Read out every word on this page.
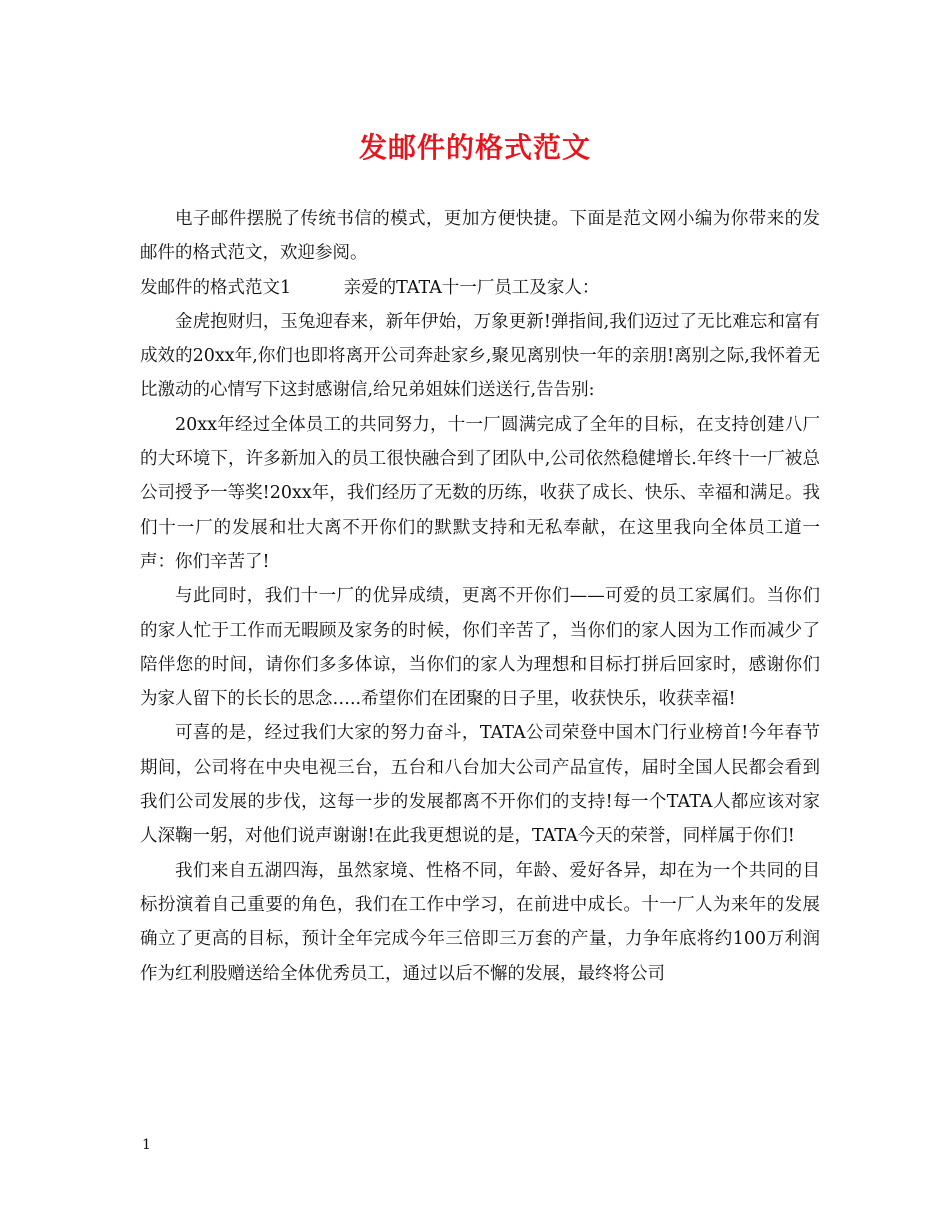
发邮件的格式范文

电子邮件摆脱了传统书信的模式，更加方便快捷。下面是范文网小编为你带来的发邮件的格式范文，欢迎参阅。

发邮件的格式范文1　　　亲爱的TATA十一厂员工及家人：

金虎抱财归，玉兔迎春来，新年伊始，万象更新!弹指间,我们迈过了无比难忘和富有成效的20xx年,你们也即将离开公司奔赴家乡,聚见离别快一年的亲朋!离别之际,我怀着无比激动的心情写下这封感谢信,给兄弟姐妹们送送行,告告别:

20xx年经过全体员工的共同努力，十一厂圆满完成了全年的目标，在支持创建八厂的大环境下，许多新加入的员工很快融合到了团队中,公司依然稳健增长.年终十一厂被总公司授予一等奖!20xx年，我们经历了无数的历练，收获了成长、快乐、幸福和满足。我们十一厂的发展和壮大离不开你们的默默支持和无私奉献，在这里我向全体员工道一声：你们辛苦了!

与此同时，我们十一厂的优异成绩，更离不开你们——可爱的员工家属们。当你们的家人忙于工作而无暇顾及家务的时候，你们辛苦了，当你们的家人因为工作而减少了陪伴您的时间，请你们多多体谅，当你们的家人为理想和目标打拼后回家时，感谢你们为家人留下的长长的思念…..希望你们在团聚的日子里，收获快乐，收获幸福!

可喜的是，经过我们大家的努力奋斗，TATA公司荣登中国木门行业榜首!今年春节期间，公司将在中央电视三台，五台和八台加大公司产品宣传，届时全国人民都会看到我们公司发展的步伐，这每一步的发展都离不开你们的支持!每一个TATA人都应该对家人深鞠一躬，对他们说声谢谢!在此我更想说的是，TATA今天的荣誉，同样属于你们!

我们来自五湖四海，虽然家境、性格不同，年龄、爱好各异，却在为一个共同的目标扮演着自己重要的角色，我们在工作中学习，在前进中成长。十一厂人为来年的发展确立了更高的目标，预计全年完成今年三倍即三万套的产量，力争年底将约100万利润作为红利股赠送给全体优秀员工，通过以后不懈的发展，最终将公司

1
